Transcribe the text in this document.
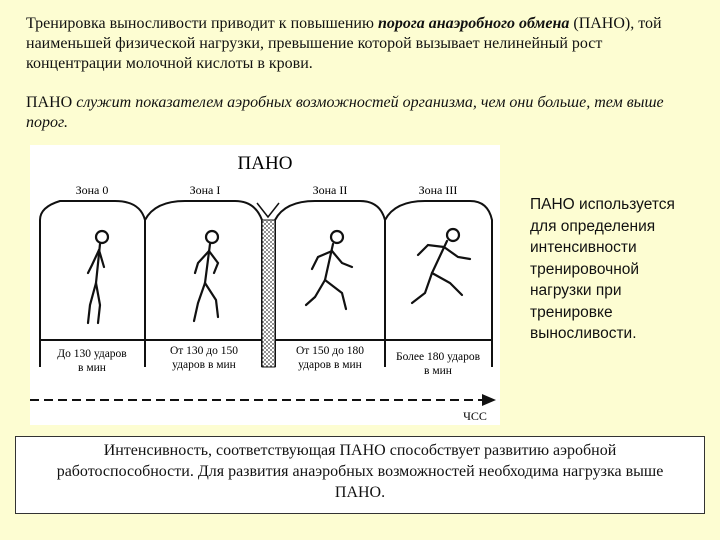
Тренировка выносливости приводит к повышению порога анаэробного обмена (ПАНО), той наименьшей физической нагрузки, превышение которой вызывает нелинейный рост концентрации молочной кислоты в крови.
ПАНО служит показателем аэробных возможностей организма, чем они больше, тем выше порог.
ПАНО
Зона 0	Зона I	Зона II	Зона III
До 130 ударов
в мин
От 130 до 150
ударов в мин
От 150 до 180
ударов в мин
Более 180 ударов
в мин
ЧСС
ПАНО используется для определения интенсивности тренировочной нагрузки при тренировке выносливости.
Интенсивность, соответствующая ПАНО способствует развитию аэробной работоспособности. Для развития анаэробных возможностей необходима нагрузка выше ПАНО.
